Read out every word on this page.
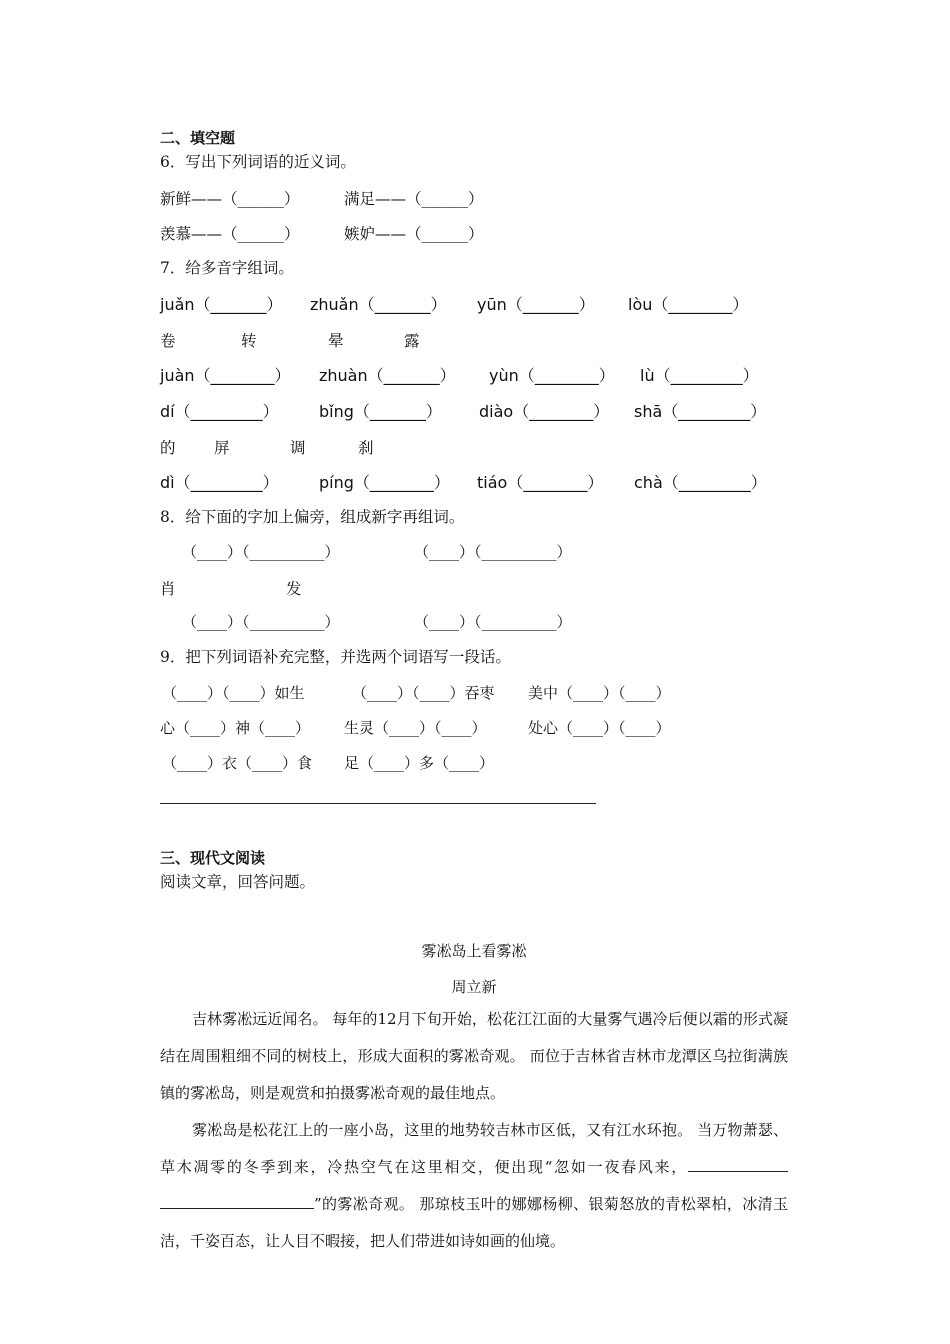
二、填空题
6．写出下列词语的近义词。
新鲜——（______）	满足——（______）
羡慕——（______）	嫉妒——（______）
7．给多音字组词。
juǎn（_______） zhuǎn（_______） yūn（_______） lòu（________）
卷	转	晕	露
juàn（________） zhuàn（_______） yùn（________） lù（_________）
dí（_________）	bǐng（_______） diào（________） shā（_________）
的 屏	调	刹
dì（_________）	píng（________） tiáo（________） chà（_________）
8．给下面的字加上偏旁，组成新字再组词。
（____）（__________）	（____）（__________）
肖	发
（____）（__________）	（____）（__________）
9．把下列词语补充完整，并选两个词语写一段话。
（____）（____）如生	（____）（____）吞枣 美中（____）（____）
心（____）神（____） 生灵（____）（____）	处心（____）（____）
（____）衣（____）食 足（____）多（____）
三、现代文阅读
阅读文章，回答问题。
雾凇岛上看雾凇
周立新
吉林雾凇远近闻名。 每年的12月下旬开始，松花江江面的大量雾气遇冷后便以霜的形式凝结在周围粗细不同的树枝上，形成大面积的雾凇奇观。 而位于吉林省吉林市龙潭区乌拉街满族镇的雾凇岛，则是观赏和拍摄雾凇奇观的最佳地点。
雾凇岛是松花江上的一座小岛，这里的地势较吉林市区低，又有江水环抱。 当万物萧瑟、草木凋零的冬季到来，冷热空气在这里相交，便出现“忽如一夜春风来，”的雾凇奇观。 那琼枝玉叶的娜娜杨柳、银菊怒放的青松翠柏，冰清玉洁，千姿百态，让人目不暇接，把人们带进如诗如画的仙境。
